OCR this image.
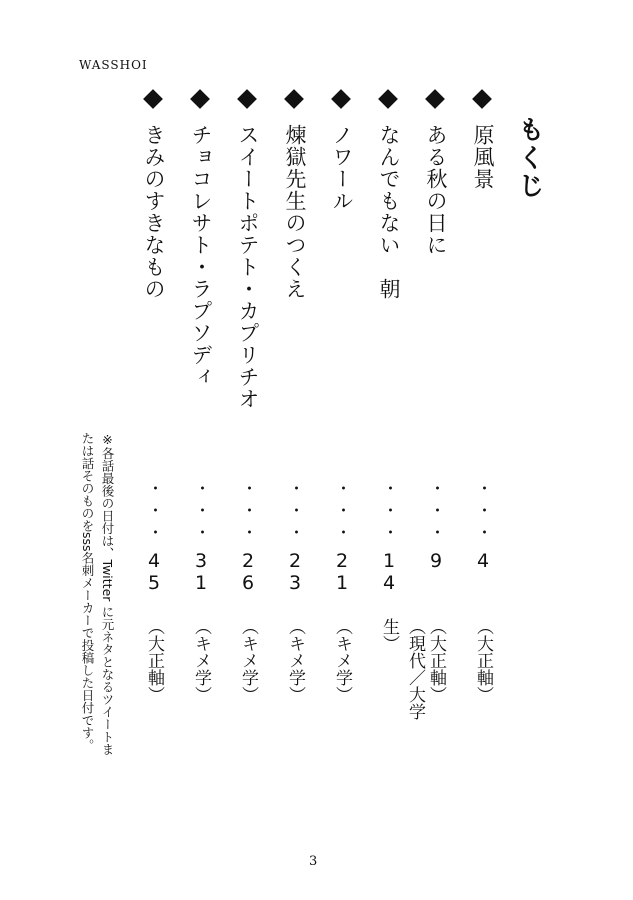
WASSHOI
もくじ
原風景
・・・
4
（大正軸）
ある秋の日に
・・・
9
（大正軸）
なんでもない　朝
・・・
14
（現代／大学生）
ノワール
・・・
21
（キメ学）
煉獄先生のつくえ
・・・
23
（キメ学）
スイートポテト・カプリチオ
・・・
26
（キメ学）
チョコレサト・ラプソディ
・・・
31
（キメ学）
きみのすきなもの
・・・
45
（大正軸）
※各話最後の日付は、Twitter に元ネタとなるツイートま
たは話そのものをsss名刺メーカーで投稿した日付です。
3
